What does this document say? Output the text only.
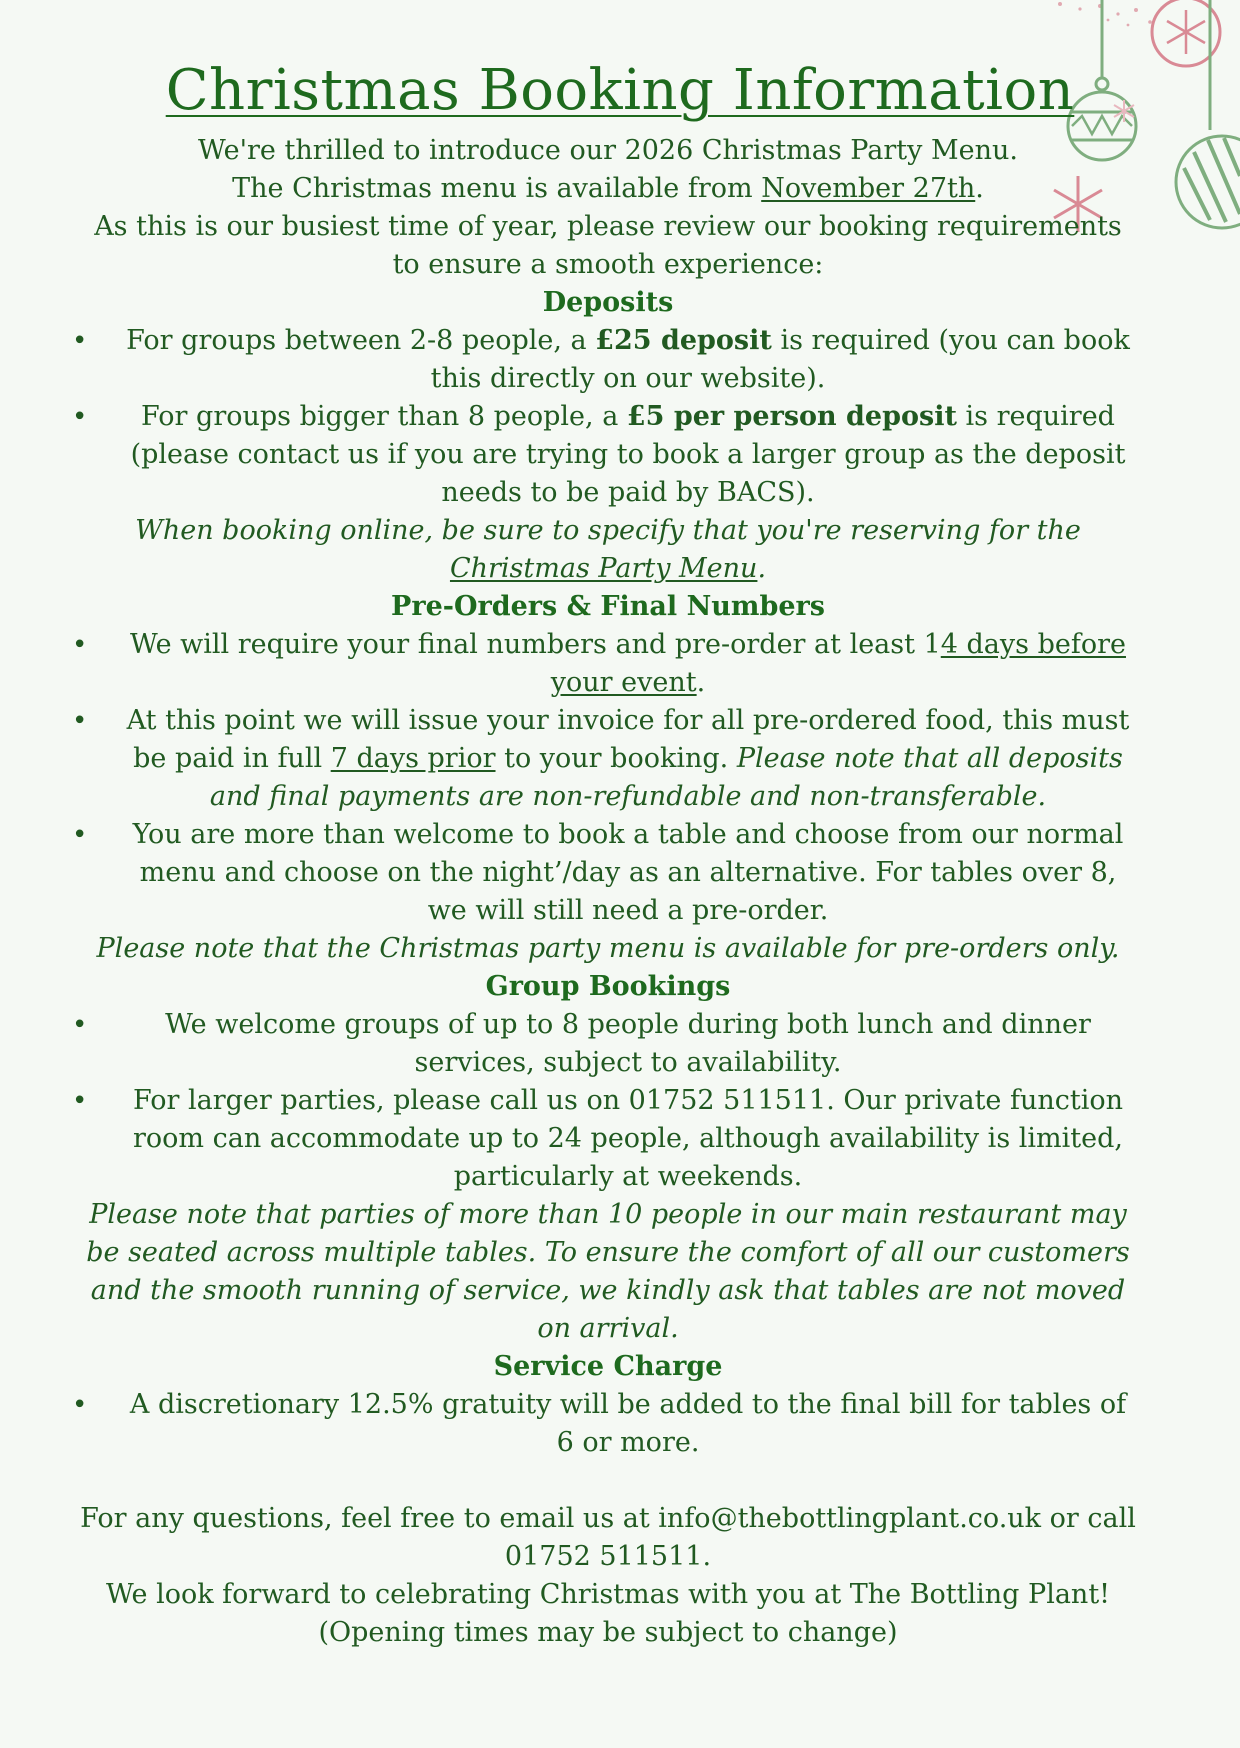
Christmas Booking Information
We're thrilled to introduce our 2026 Christmas Party Menu.
The Christmas menu is available from November 27th.
As this is our busiest time of year, please review our booking requirements to ensure a smooth experience:
Deposits
• For groups between 2-8 people, a £25 deposit is required (you can book this directly on our website).
• For groups bigger than 8 people, a £5 per person deposit is required (please contact us if you are trying to book a larger group as the deposit needs to be paid by BACS).
When booking online, be sure to specify that you're reserving for the Christmas Party Menu.
Pre-Orders & Final Numbers
• We will require your final numbers and pre-order at least 14 days before your event.
• At this point we will issue your invoice for all pre-ordered food, this must be paid in full 7 days prior to your booking. Please note that all deposits and final payments are non-refundable and non-transferable.
• You are more than welcome to book a table and choose from our normal menu and choose on the night’/day as an alternative. For tables over 8, we will still need a pre-order.
Please note that the Christmas party menu is available for pre-orders only.
Group Bookings
• We welcome groups of up to 8 people during both lunch and dinner services, subject to availability.
• For larger parties, please call us on 01752 511511. Our private function room can accommodate up to 24 people, although availability is limited, particularly at weekends.
Please note that parties of more than 10 people in our main restaurant may be seated across multiple tables. To ensure the comfort of all our customers and the smooth running of service, we kindly ask that tables are not moved on arrival.
Service Charge
• A discretionary 12.5% gratuity will be added to the final bill for tables of 6 or more.
For any questions, feel free to email us at info@thebottlingplant.co.uk or call 01752 511511.
We look forward to celebrating Christmas with you at The Bottling Plant!
(Opening times may be subject to change)
